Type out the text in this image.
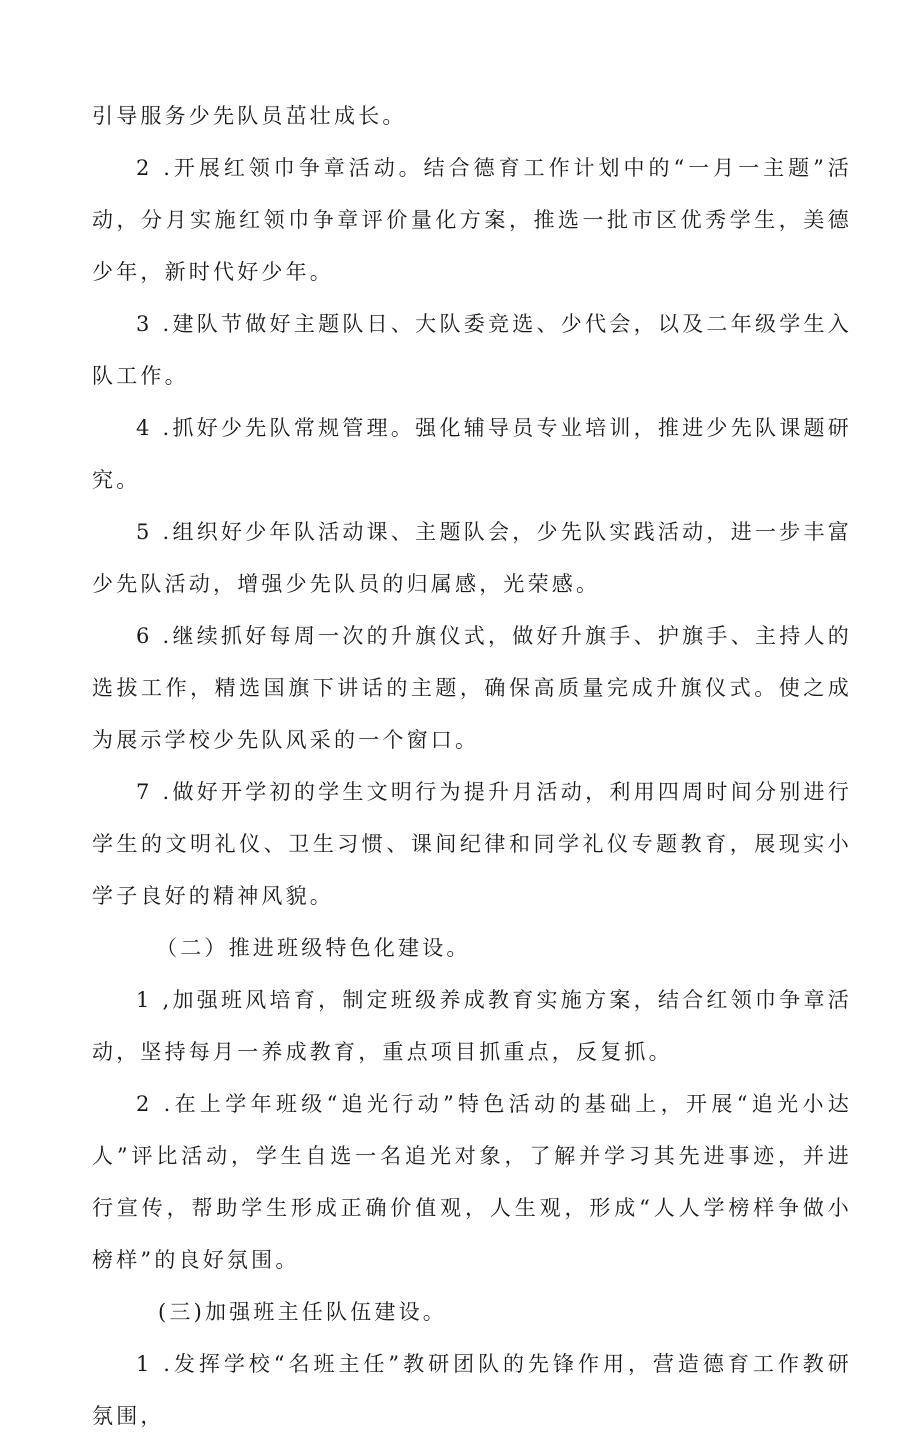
引导服务少先队员茁壮成长。

2 .开展红领巾争章活动。结合德育工作计划中的“一月一主题”活动，分月实施红领巾争章评价量化方案，推选一批市区优秀学生，美德少年，新时代好少年。

3 .建队节做好主题队日、大队委竞选、少代会，以及二年级学生入队工作。

4 .抓好少先队常规管理。强化辅导员专业培训，推进少先队课题研究。

5 .组织好少年队活动课、主题队会，少先队实践活动，进一步丰富少先队活动，增强少先队员的归属感，光荣感。

6 .继续抓好每周一次的升旗仪式，做好升旗手、护旗手、主持人的选拔工作，精选国旗下讲话的主题，确保高质量完成升旗仪式。使之成为展示学校少先队风采的一个窗口。

7 .做好开学初的学生文明行为提升月活动，利用四周时间分别进行学生的文明礼仪、卫生习惯、课间纪律和同学礼仪专题教育，展现实小学子良好的精神风貌。

（二）推进班级特色化建设。

1 ,加强班风培育，制定班级养成教育实施方案，结合红领巾争章活动，坚持每月一养成教育，重点项目抓重点，反复抓。

2 .在上学年班级“追光行动”特色活动的基础上，开展“追光小达人”评比活动，学生自选一名追光对象，了解并学习其先进事迹，并进行宣传，帮助学生形成正确价值观，人生观，形成“人人学榜样争做小榜样”的良好氛围。

(三)加强班主任队伍建设。

1 .发挥学校“名班主任”教研团队的先锋作用，营造德育工作教研氛围，
